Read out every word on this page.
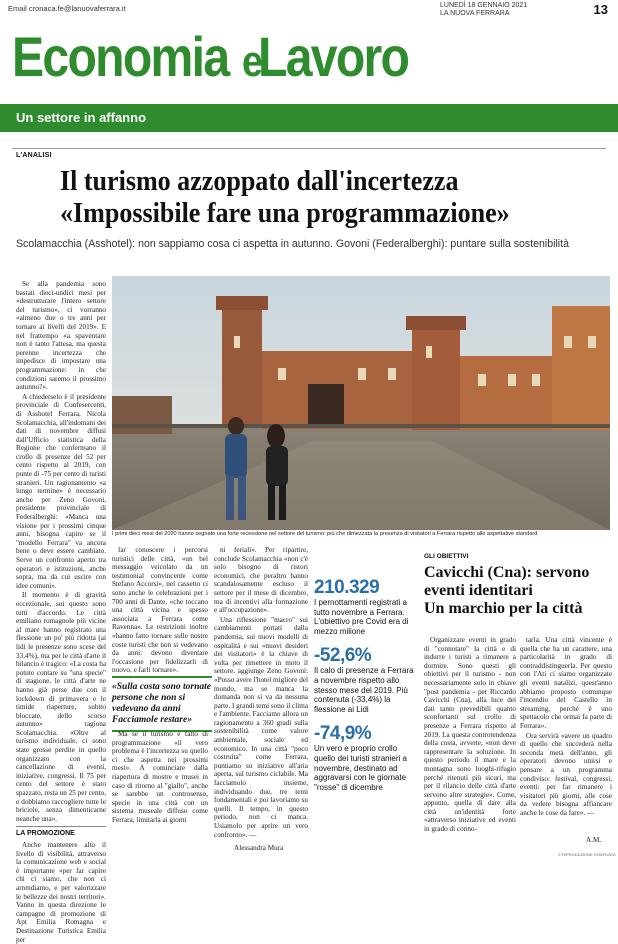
Email cronaca.fe@lanuovaferrara.it	LUNEDÌ 18 GENNAIO 2021
LA NUOVA FERRARA	13
Economia eLavoro
Un settore in affanno
L'ANALISI
Il turismo azzoppato dall'incertezza
«Impossibile fare una programmazione»
Scolamacchia (Asshotel): non sappiamo cosa ci aspetta in autunno. Govoni (Federalberghi): puntare sulla sostenibilità

Se alla pandemia sono bastati dieci-undici mesi per «destrutturare l'intero settore del turismo», ci vorranno «almeno due o tre anni per tornare ai livelli del 2019». E nel frattempo «a spaventare non è tanto l'attesa, ma questa perenne incertezza che impedisce di impostare una programmazione: in che condizioni saremo il prossimo autunno?».

A chiederselo è il presidente provinciale di Confesercenti, di Asshotel Ferrara, Nicola Scolamacchia, all'indomani dei dati di novembre diffusi dall'Ufficio statistica della Regione che confermano il crollo di presenze del 52 per cento rispetto al 2019, con punte di -75 per cento di turisti stranieri. Un ragionamento «a lungo termine» è necessario anche per Zeno Govoni, presidente provinciale di Federalberghi: «Manca una visione per i prossimi cinque anni, bisogna capire se il "modello Ferrara" va ancora bene o deve essere cambiato. Serve un confronto aperto tra operatori e istituzioni, anche sopra, ma da cui uscire con idee comuni».

Il momento è di gravità eccezionale, sui questo sono tutti d'accordo. Le città emiliano romagnole più vicine al mare hanno registrato una flessione un po' più ridotta (ai lidi le presenze sono scese del 33,4%), ma per le città d'arte il bilancio è tragico: «La costa ha potuto contare su "una specie" di stagione, le città d'arte ne hanno già perse due con il lockdown di primavera e le timide riaperture, subito bloccate, dello scorso autunno» ragiona Scolamacchia. «Oltre al turismo individuale, ci sono state grosse perdite in quello organizzato con la cancellazione di eventi, iniziative, congressi. Il 75 per cento del settore è stato spazzato, resta un 25 per cento, e dobbiamo raccogliere tutte le briciole, senza dimenticarne neanche una».

LA PROMOZIONE

Anche mantenere alto il livello di visibilità, attraverso la comunicazione web e social è importante «per far capire chi ci siamo, che non ci arrendiamo, e per valorizzare le bellezze dei nostri territori». Vanno in questa direzione le campagne di promozione di Apt Emilia Romagna e Destinazione Turistica Emilia per

I primi dieci mesi del 2020 hanno segnato una forte recessione nel settore del turismo: più che dimezzata la presenza di visitatori a Ferrara rispetto alle aspettative standard

far conoscere i percorsi turistici delle città, «un bel messaggio veicolato da un testimonial convincente come Stefano Accorsi», nel cassetto ci sono anche le celebrazioni per i 700 anni di Dante, «che toccano una città vicina e spesso associata a Ferrara come Ravenna». Le restrizioni inoltre «hanno fatto tornare sulle nostre coste turisti che non si vedevano da anni: devono diventare l'occasione per fidelizzarli di nuovo, e farli tornare».

«Sulla costa sono tornate persone che non si vedevano da anni Facciamole restare»

Ma se il turismo è fatto di programmazione «il vero problema è l'incertezza su quello ci che aspetta nei prossimi mesi». A cominciare dalla riapertura di mostre e musei in caso di ritorno al "giallo", anche se sarebbe un controsenso, specie in una città con un sistema museale diffuso come Ferrara, limitarla ai giorni

ni feriali». Per ripartire, conclude Scolamacchia «non c'è solo bisogno di ristori economici, che peraltro hanno scandalosamente escluso il settore per il mese di dicembre, ma di incentivi alla formazione e all'occupazione».

Una riflessione "macro" sui cambiamenti portati dalla pandemia, sui nuovi modelli di ospitalità e sui «nuovi desideri dei visitatori» è la chiave di volta per rimettere in moto il settore, aggiunge Zeno Govoni: «Posso avere l'hotel migliore del mondo, ma se manca la domanda non si va da nessuna parte. I grandi temi sono il clima e l'ambiente. Facciamo allora un ragionamento a 360 gradi sulla sostenibilità come valore ambientale, sociale ed economico. In una città "poco costruita" come Ferrara, puntiamo su iniziative all'aria aperta, sul turismo ciclabile. Ma facciamolo insieme, individuando due, tre temi fondamentali e poi lavoriamo su quelli. Il tempo, in questo periodo, non ci manca. Usiamolo per aprire un vero confronto». —

Alessandra Mura
210.329
I pernottamenti registrati a tutto novembre a Ferrara. L'obiettivo pre Covid era di mezzo milione
-52,6%
Il calo di presenze a Ferrara a novembre rispetto allo stesso mese del 2019. Più contenuta (-33,4%) la flessione ai Lidi
-74,9%
Un vero e proprio crollo quello dei turisti stranieri a novembre, destinato ad aggravarsi con le giornate "rosse" di dicembre
GLI OBIETTIVI
Cavicchi (Cna): servono
eventi identitari
Un marchio per la città

Organizzare eventi in grado di "connotare" la città e di indurre i turisti a rimanere a dormire. Sono questi gli obiettivi per il turismo - non necessariamente solo in chiave "post pandemia - per Riccardo Cavicchi (Cna), alla luce dei dati tanto prevedibili quanto sconfortanti sul crollo di presenze a Ferrara rispetto al 2019. La questa controtendenza della costa, avverte, «non deve rappresentare la soluzione. In questo periodo il mare e la montagna sono luoghi-rifugio perché ritenuti più sicuri, ma per il rilancio delle città d'arte servono altre strategie». Come, appunto, quella di dare alla città un'identità forte «attraverso iniziative ed eventi in grado di conno-

tarla. Una città vincente è quella che ha un carattere, una particolarità in grado di contraddistinguerla. Per questo con l'Ati ci siamo organizzate gli eventi natalizi, quest'anno abbiamo proposto comunque l'incendio del Castello in streaming, perché è uno spettacolo che ormai fa parte di Ferrara».

Ora servirà «avere un quadro di quello che succederà nella seconda metà dell'anno, gli operatori devono unirsi e pensare a un programma condiviso: festival, congressi, eventi: per far rimanere i visitatori più giorni, alle cose da vedere bisogna affiancare anche le cose da fare». —

A.M.
© RIPRODUZIONE RISERVATA
